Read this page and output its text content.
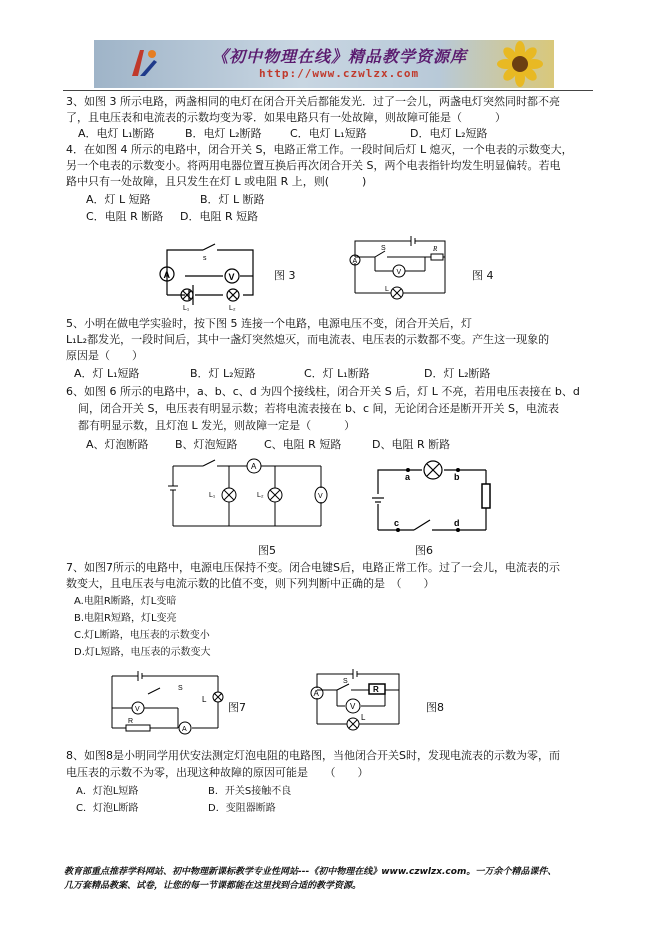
《初中物理在线》精品教学资源库
http://www.czwlzx.com
3、如图 3 所示电路，两盏相同的电灯在闭合开关后都能发光．过了一会儿，两盏电灯突然同时都不亮
了，且电压表和电流表的示数均变为零．如果电路只有一处故障，则故障可能是（　　　）
A．电灯 L₁断路	B．电灯 L₂断路	C．电灯 L₁短路	D．电灯 L₂短路
4．在如图 4 所示的电路中，闭合开关 S，电路正常工作。一段时间后灯 L 熄灭，一个电表的示数变大，
另一个电表的示数变小。将两用电器位置互换后再次闭合开关 S，两个电表指针均发生明显偏转。若电
路中只有一处故障，且只发生在灯 L 或电阻 R 上，则(　　　)
A．灯 L 短路	B．灯 L 断路
C．电阻 R 断路 D．电阻 R 短路
A	V
s
L₁	L₂
图 3
A
V
S	R
L
图 4
5、小明在做电学实验时，按下图 5 连接一个电路，电源电压不变，闭合开关后，灯
L₁L₂都发光，一段时间后，其中一盏灯突然熄灭，而电流表、电压表的示数都不变。产生这一现象的
原因是（　　）
A．灯 L₁短路	B．灯 L₂短路	C．灯 L₁断路	D．灯 L₂断路
6、如图 6 所示的电路中，a、b、c、d 为四个接线柱，闭合开关 S 后，灯 L 不亮，若用电压表接在 b、d
间，闭合开关 S，电压表有明显示数；若将电流表接在 b、c 间，无论闭合还是断开开关 S，电流表
都有明显示数，且灯泡 L 发光，则故障一定是（　　　）
A、灯泡断路 B、灯泡短路 C、电阻 R 短路	D、电阻 R 断路
A
V
L₁	L₂
图5
a	b
c	d
图6
7、如图7所示的电路中，电源电压保持不变。闭合电键S后，电路正常工作。过了一会儿，电流表的示
数变大，且电压表与电流示数的比值不变，则下列判断中正确的是　（　　）
A.电阻R断路，灯L变暗
B.电阻R短路，灯L变亮
C.灯L断路，电压表的示数变小
D.灯L短路，电压表的示数变大
S
L
V
R
A
图7
A
S
R
V
L
图8
8、如图8是小明同学用伏安法测定灯泡电阻的电路图，当他闭合开关S时，发现电流表的示数为零，而
电压表的示数不为零，出现这种故障的原因可能是　　（　　）
A．灯泡L短路	B．开关S接触不良
C．灯泡L断路	D．变阻器断路
教育部重点推荐学科网站、初中物理新课标教学专业性网站---《初中物理在线》www.czwlzx.com。一万余个精品课件、
几万套精品教案、试卷，让您的每一节课都能在这里找到合适的教学资源。
